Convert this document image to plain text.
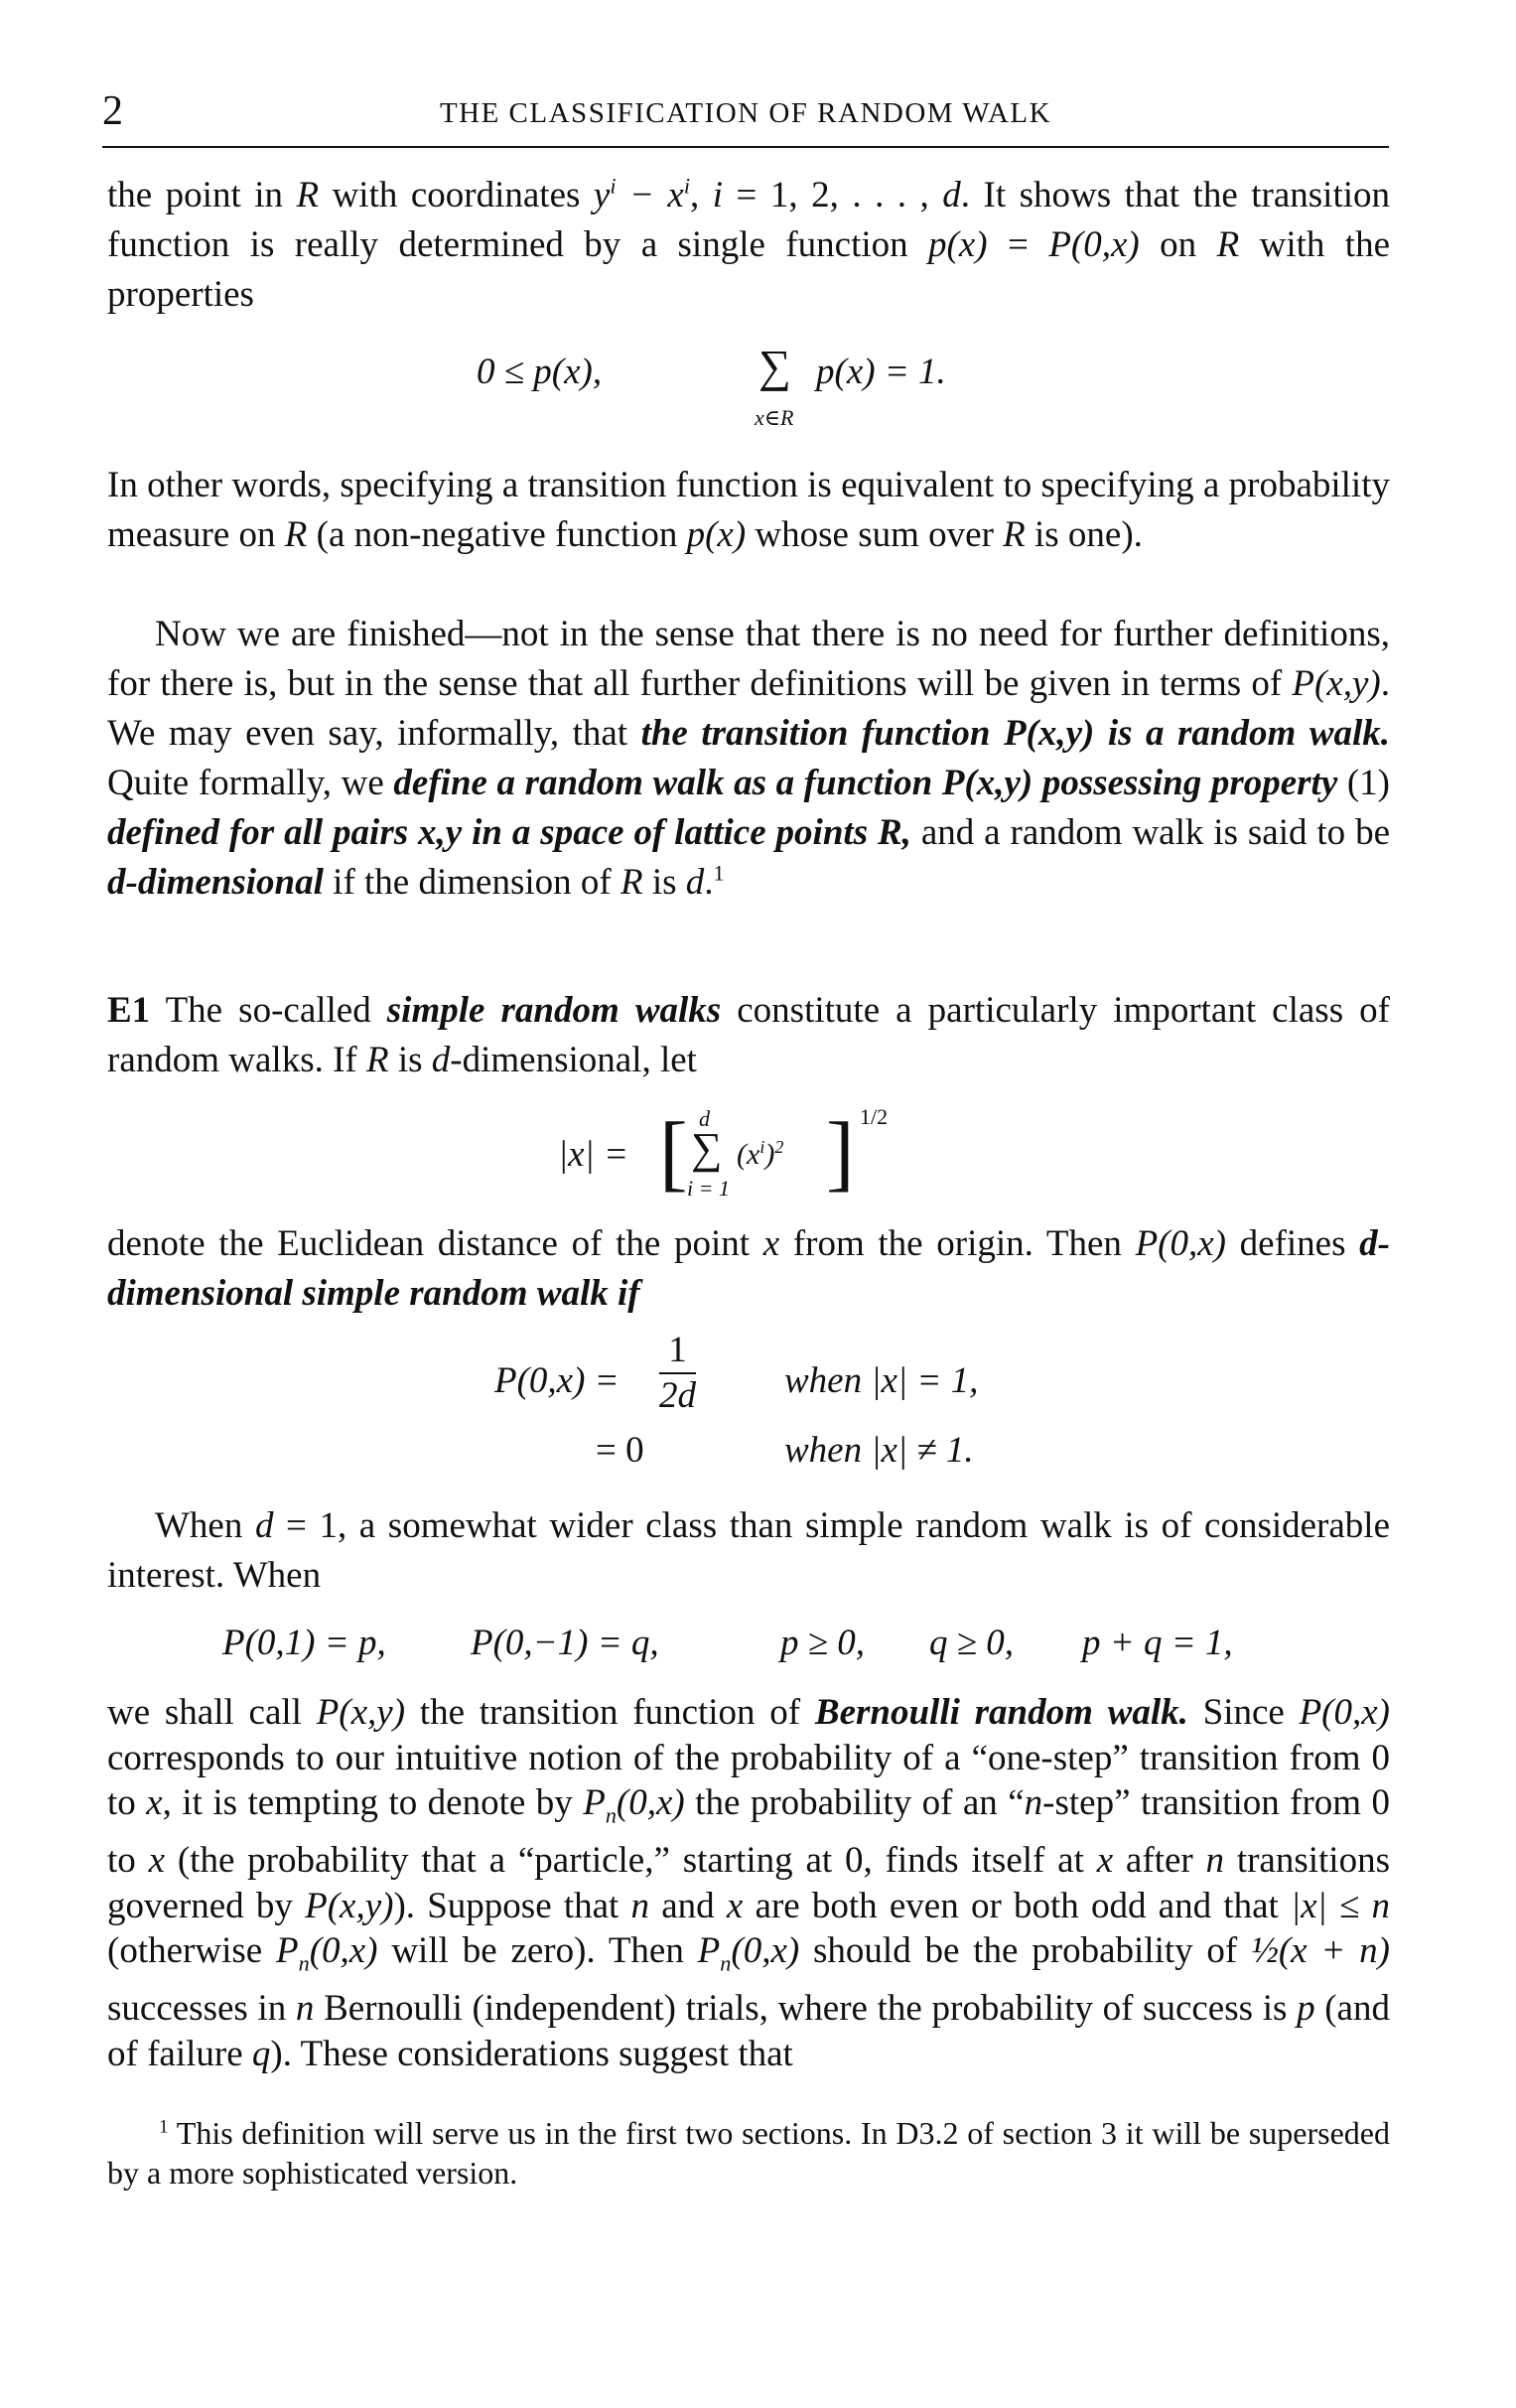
2	THE CLASSIFICATION OF RANDOM WALK
the point in R with coordinates $y^i - x^i$, i = 1, 2, . . . , d. It shows that the transition function is really determined by a single function p(x) = P(0,x) on R with the properties
0 ≤ p(x),	∑
x∈R
p(x) = 1.
In other words, specifying a transition function is equivalent to specifying a probability measure on R (a non-negative function p(x) whose sum over R is one).
Now we are finished—not in the sense that there is no need for further definitions, for there is, but in the sense that all further definitions will be given in terms of P(x,y). We may even say, informally, that the transition function P(x,y) is a random walk. Quite formally, we define a random walk as a function P(x,y) possessing property (1) defined for all pairs x,y in a space of lattice points R, and a random walk is said to be d-dimensional if the dimension of R is d.$^1$
E1 The so-called simple random walks constitute a particularly important class of random walks. If R is d-dimensional, let
|x| = [ d
∑
i = 1
$(x^i)^2$ ] 1/2
denote the Euclidean distance of the point x from the origin. Then P(0,x) defines d-dimensional simple random walk if
$P(0,x) = \frac{1}{2d}$ when |x| = 1,
= 0	when |x| ≠ 1.
When d = 1, a somewhat wider class than simple random walk is of considerable interest. When
P(0,1) = p, P(0,−1) = q,	p ≥ 0, q ≥ 0, p + q = 1,
we shall call P(x,y) the transition function of Bernoulli random walk. Since P(0,x) corresponds to our intuitive notion of the probability of a “one-step” transition from 0 to x, it is tempting to denote by $P_n(0,x)$ the probability of an “n-step” transition from 0 to x (the probability that a “particle,” starting at 0, finds itself at x after n transitions governed by P(x,y)). Suppose that n and x are both even or both odd and that |x| ≤ n (otherwise $P_n(0,x)$ will be zero). Then $P_n(0,x)$ should be the probability of ½(x + n) successes in n Bernoulli (independent) trials, where the probability of success is p (and of failure q). These considerations suggest that
$^1$ This definition will serve us in the first two sections. In D3.2 of section 3 it will be superseded by a more sophisticated version.
